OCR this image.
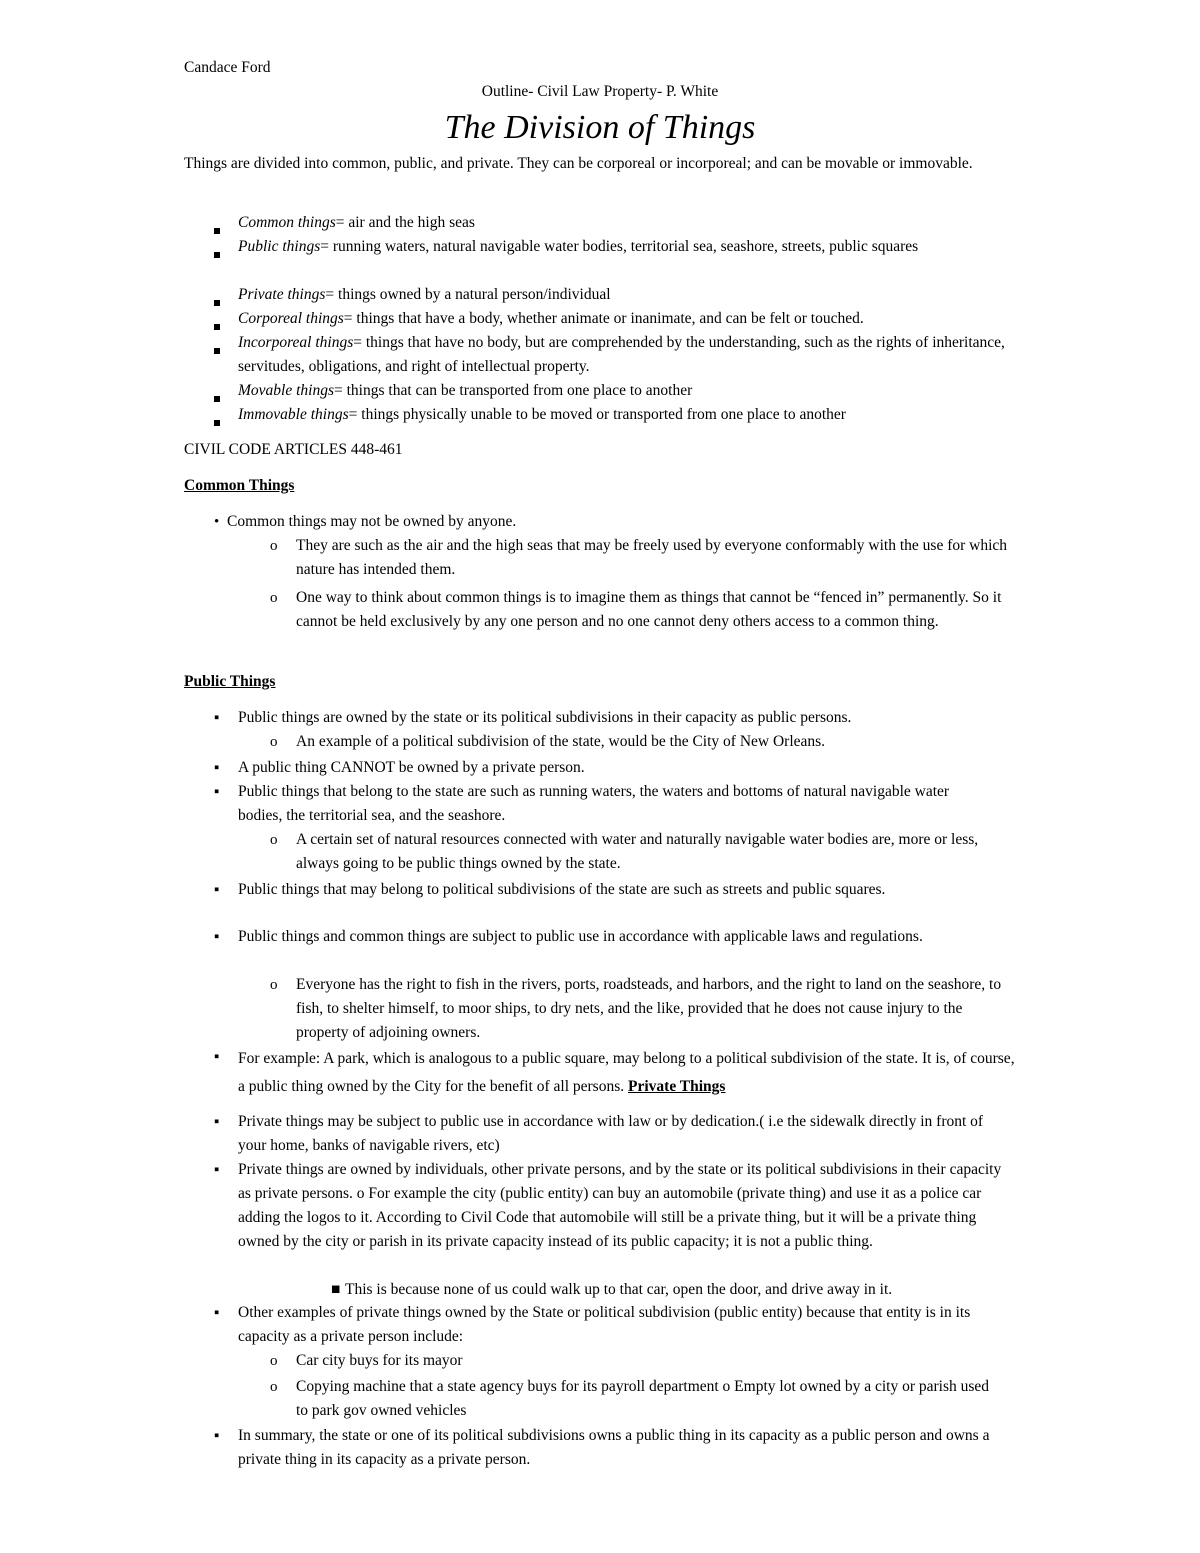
Candace Ford
Outline- Civil Law Property- P. White
The Division of Things
Things are divided into common, public, and private. They can be corporeal or incorporeal; and can be movable or immovable.
Common things= air and the high seas
Public things= running waters, natural navigable water bodies, territorial sea, seashore, streets, public squares
Private things= things owned by a natural person/individual
Corporeal things= things that have a body, whether animate or inanimate, and can be felt or touched.
Incorporeal things= things that have no body, but are comprehended by the understanding, such as the rights of inheritance, servitudes, obligations, and right of intellectual property.
Movable things= things that can be transported from one place to another
Immovable things= things physically unable to be moved or transported from one place to another
CIVIL CODE ARTICLES 448-461
Common Things
• Common things may not be owned by anyone.
o They are such as the air and the high seas that may be freely used by everyone conformably with the use for which nature has intended them.
o One way to think about common things is to imagine them as things that cannot be “fenced in” permanently. So it cannot be held exclusively by any one person and no one cannot deny others access to a common thing.
Public Things
▪ Public things are owned by the state or its political subdivisions in their capacity as public persons.
o An example of a political subdivision of the state, would be the City of New Orleans.
▪ A public thing CANNOT be owned by a private person.
▪ Public things that belong to the state are such as running waters, the waters and bottoms of natural navigable water bodies, the territorial sea, and the seashore.
o A certain set of natural resources connected with water and naturally navigable water bodies are, more or less, always going to be public things owned by the state.
▪ Public things that may belong to political subdivisions of the state are such as streets and public squares.
▪ Public things and common things are subject to public use in accordance with applicable laws and regulations.
o Everyone has the right to fish in the rivers, ports, roadsteads, and harbors, and the right to land on the seashore, to fish, to shelter himself, to moor ships, to dry nets, and the like, provided that he does not cause injury to the property of adjoining owners.
▪ For example: A park, which is analogous to a public square, may belong to a political subdivision of the state. It is, of course, a public thing owned by the City for the benefit of all persons. Private Things
▪ Private things may be subject to public use in accordance with law or by dedication.( i.e the sidewalk directly in front of your home, banks of navigable rivers, etc)
▪ Private things are owned by individuals, other private persons, and by the state or its political subdivisions in their capacity as private persons. o For example the city (public entity) can buy an automobile (private thing) and use it as a police car adding the logos to it. According to Civil Code that automobile will still be a private thing, but it will be a private thing owned by the city or parish in its private capacity instead of its public capacity; it is not a public thing.
■ This is because none of us could walk up to that car, open the door, and drive away in it.
▪ Other examples of private things owned by the State or political subdivision (public entity) because that entity is in its capacity as a private person include:
o Car city buys for its mayor
o Copying machine that a state agency buys for its payroll department o Empty lot owned by a city or parish used to park gov owned vehicles
▪ In summary, the state or one of its political subdivisions owns a public thing in its capacity as a public person and owns a private thing in its capacity as a private person.
